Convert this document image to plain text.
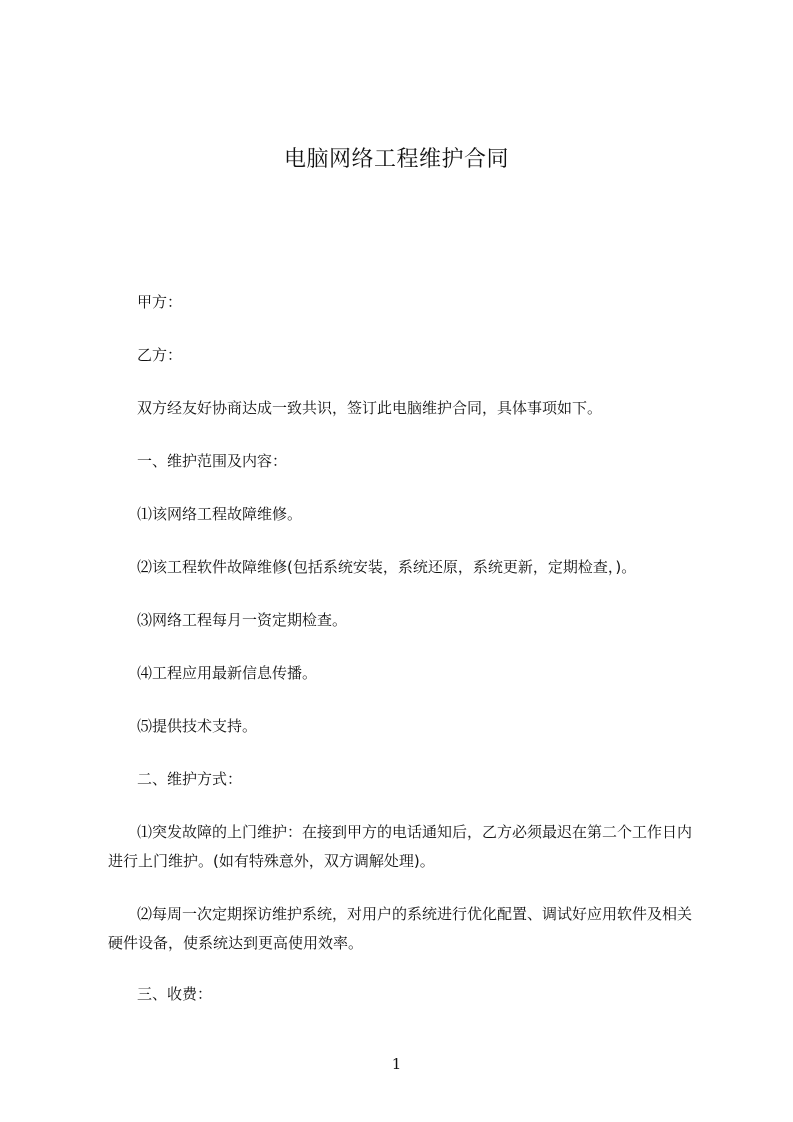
电脑网络工程维护合同

甲方：

乙方：

双方经友好协商达成一致共识，签订此电脑维护合同，具体事项如下。

一、维护范围及内容：

⑴该网络工程故障维修。

⑵该工程软件故障维修(包括系统安装，系统还原，系统更新，定期检查，)。

⑶网络工程每月一资定期检查。

⑷工程应用最新信息传播。

⑸提供技术支持。

二、维护方式：

⑴突发故障的上门维护：在接到甲方的电话通知后，乙方必须最迟在第二个工作日内进行上门维护。(如有特殊意外，双方调解处理)。

⑵每周一次定期探访维护系统，对用户的系统进行优化配置、调试好应用软件及相关硬件设备，使系统达到更高使用效率。

三、收费：

1
